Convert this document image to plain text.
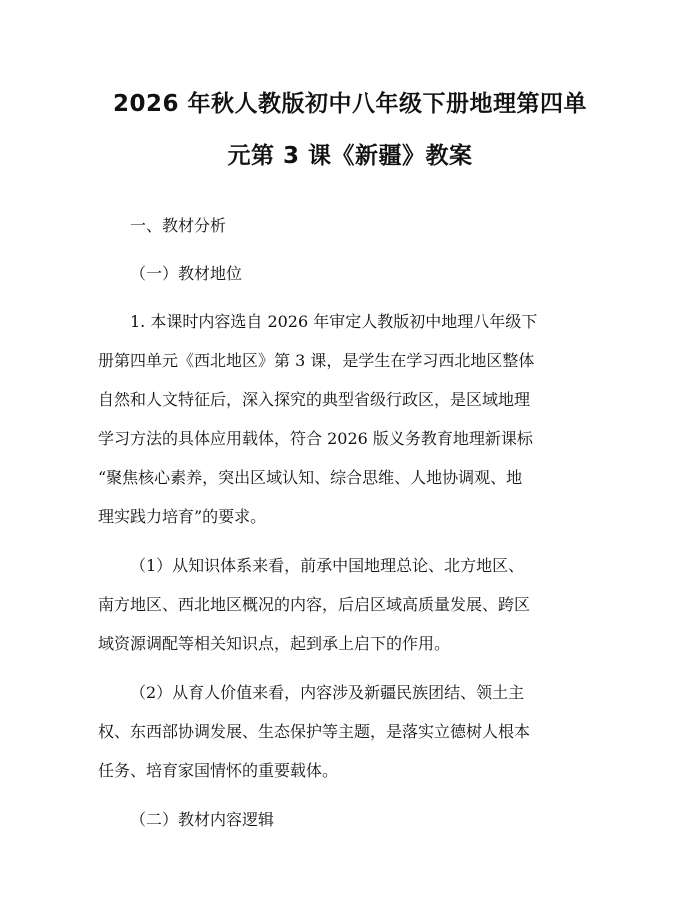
2026 年秋人教版初中八年级下册地理第四单
元第 3 课《新疆》教案

一、教材分析

（一）教材地位

1. 本课时内容选自 2026 年审定人教版初中地理八年级下
册第四单元《西北地区》第 3 课，是学生在学习西北地区整体
自然和人文特征后，深入探究的典型省级行政区，是区域地理
学习方法的具体应用载体，符合 2026 版义务教育地理新课标
“聚焦核心素养，突出区域认知、综合思维、人地协调观、地
理实践力培育”的要求。

（1）从知识体系来看，前承中国地理总论、北方地区、
南方地区、西北地区概况的内容，后启区域高质量发展、跨区
域资源调配等相关知识点，起到承上启下的作用。

（2）从育人价值来看，内容涉及新疆民族团结、领土主
权、东西部协调发展、生态保护等主题，是落实立德树人根本
任务、培育家国情怀的重要载体。

（二）教材内容逻辑
